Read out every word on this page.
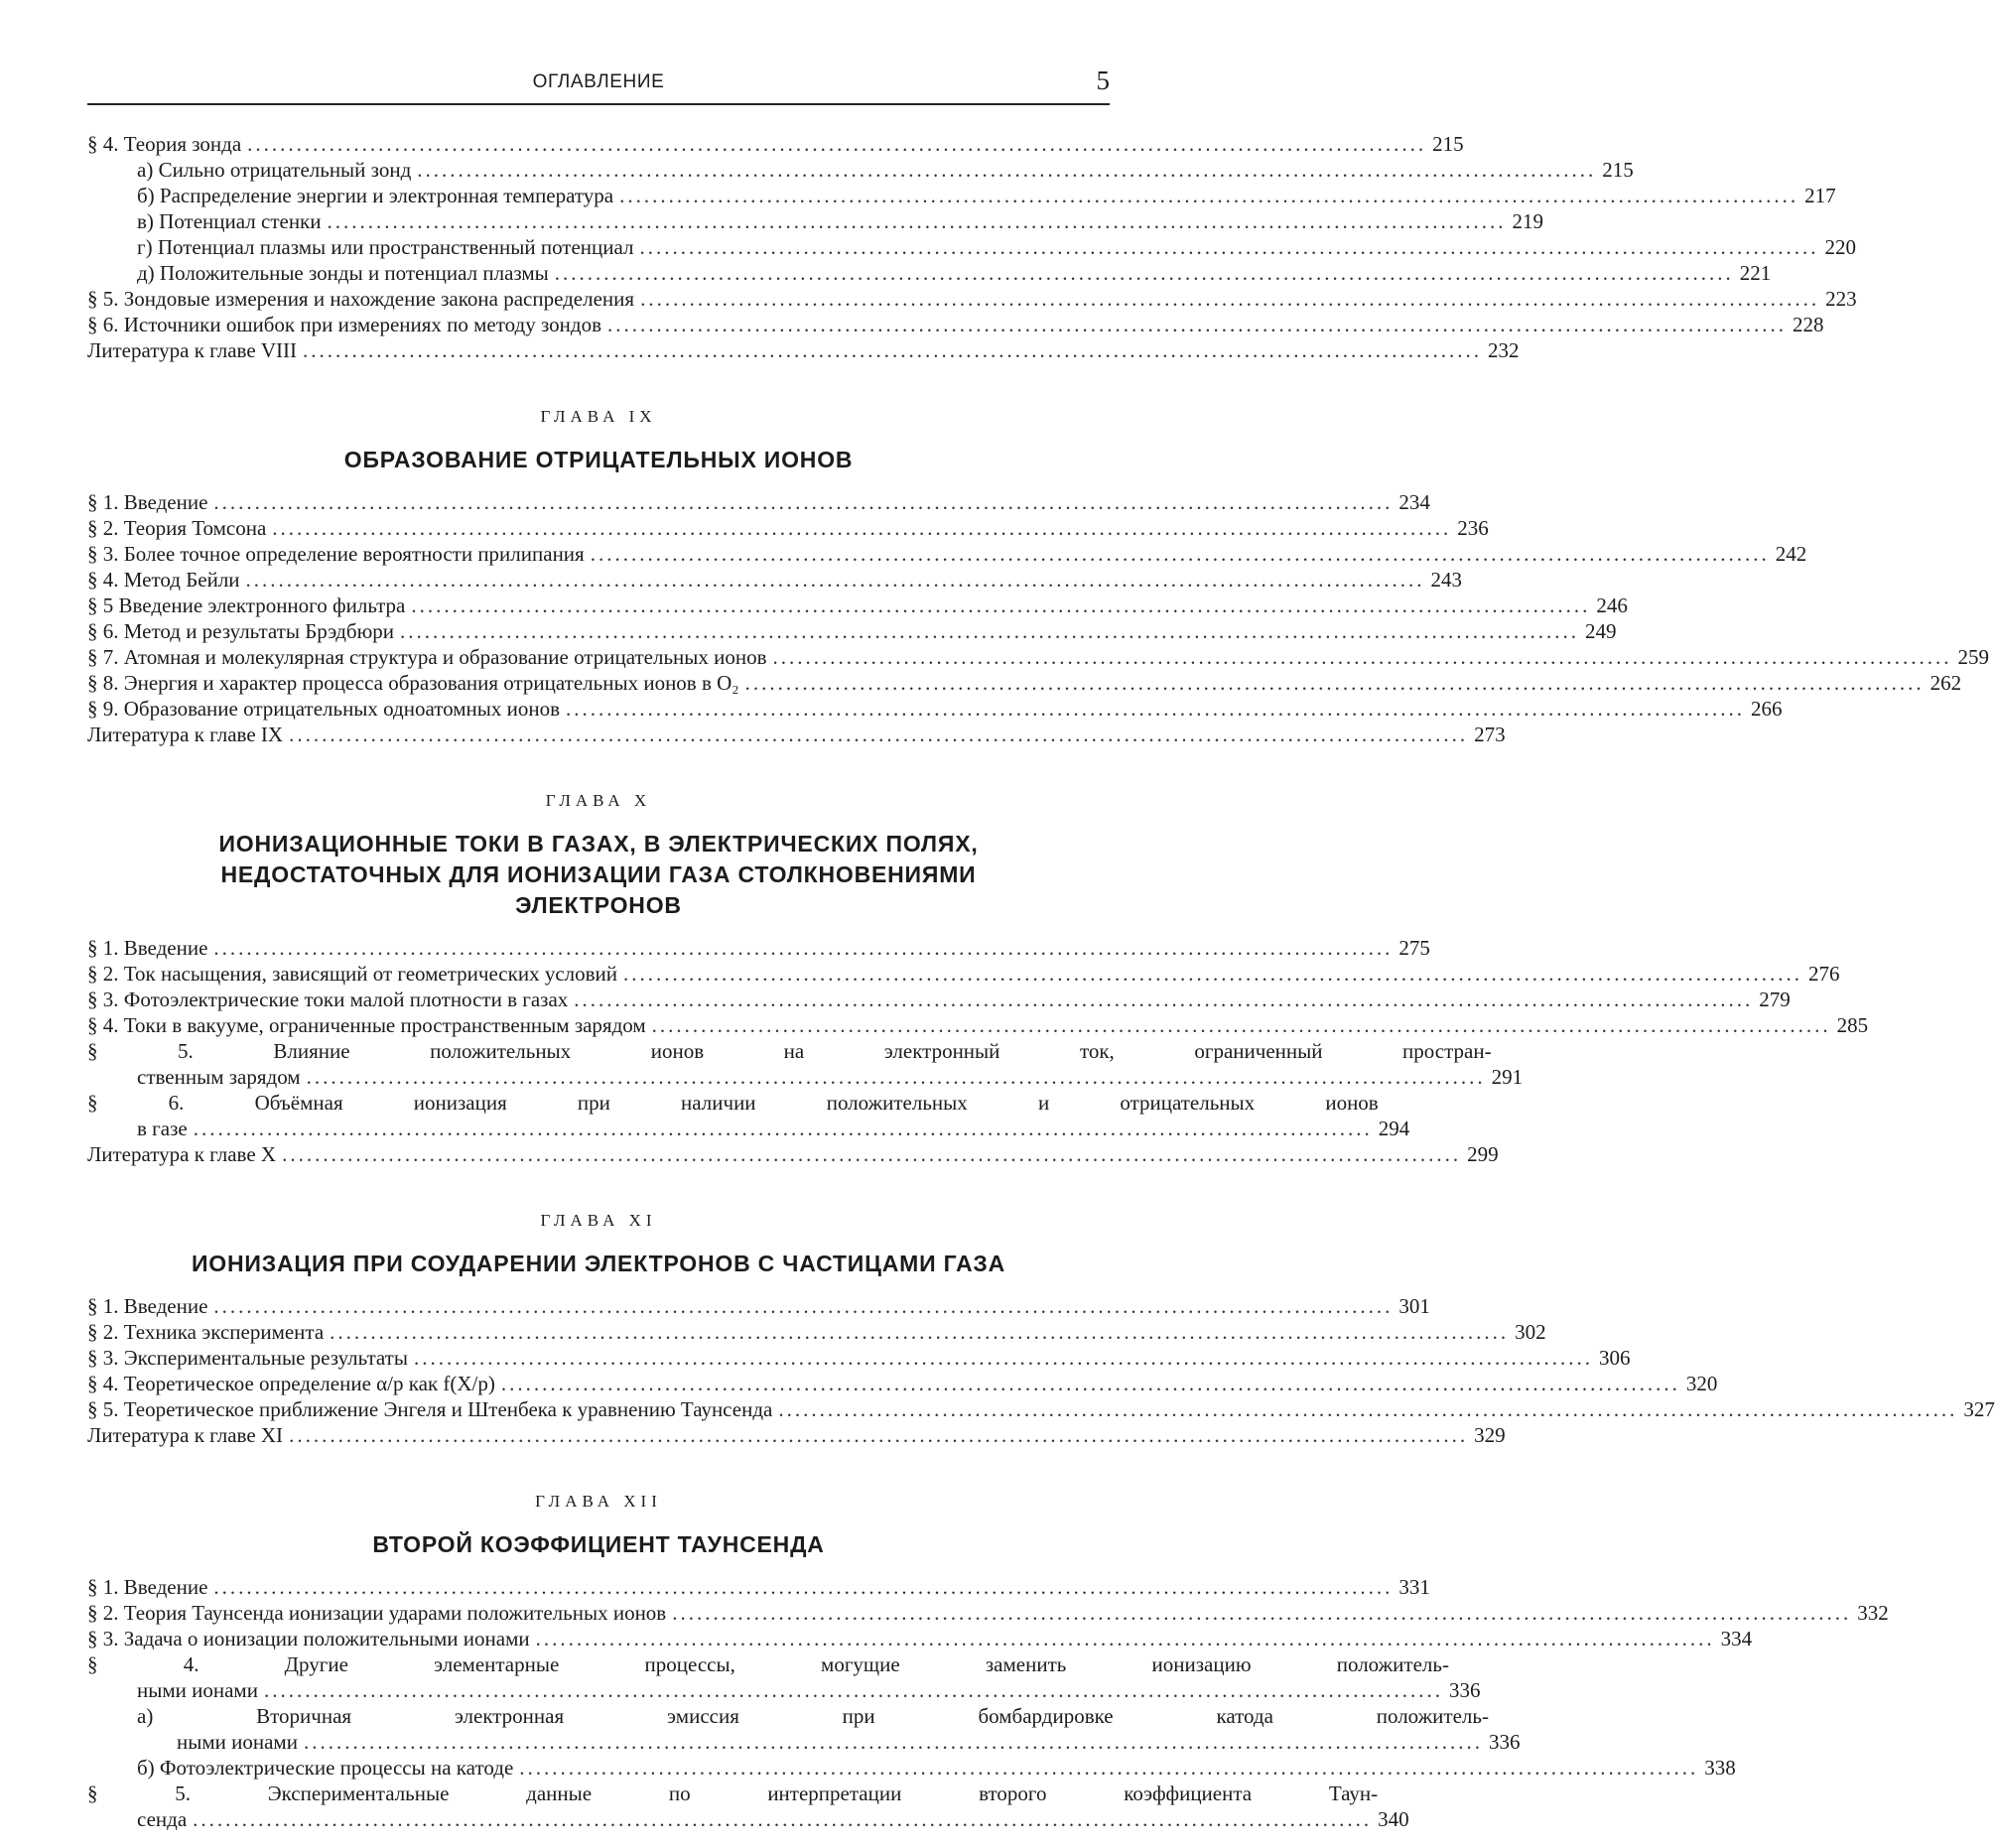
ОГЛАВЛЕНИЕ	5
§ 4. Теория зонда ................................................................................................................................................ 215
а) Сильно отрицательный зонд ................................................................................................................................................ 215
б) Распределение энергии и электронная температура ................................................................................................................................................ 217
в) Потенциал стенки ................................................................................................................................................ 219
г) Потенциал плазмы или пространственный потенциал ................................................................................................................................................ 220
д) Положительные зонды и потенциал плазмы ................................................................................................................................................ 221
§ 5. Зондовые измерения и нахождение закона распределения ................................................................................................................................................ 223
§ 6. Источники ошибок при измерениях по методу зондов ................................................................................................................................................ 228
Литература к главе VIII ................................................................................................................................................ 232
ГЛАВА IX
ОБРАЗОВАНИЕ ОТРИЦАТЕЛЬНЫХ ИОНОВ
§ 1. Введение ................................................................................................................................................ 234
§ 2. Теория Томсона ................................................................................................................................................ 236
§ 3. Более точное определение вероятности прилипания ................................................................................................................................................ 242
§ 4. Метод Бейли ................................................................................................................................................ 243
§ 5 Введение электронного фильтра ................................................................................................................................................ 246
§ 6. Метод и результаты Брэдбюри ................................................................................................................................................ 249
§ 7. Атомная и молекулярная структура и образование отрицательных ионов ................................................................................................................................................ 259
§ 8. Энергия и характер процесса образования отрицательных ионов в O₂ ................................................................................................................................................ 262
§ 9. Образование отрицательных одноатомных ионов ................................................................................................................................................ 266
Литература к главе IX ................................................................................................................................................ 273
ГЛАВА X
ИОНИЗАЦИОННЫЕ ТОКИ В ГАЗАХ, В ЭЛЕКТРИЧЕСКИХ ПОЛЯХ,
НЕДОСТАТОЧНЫХ ДЛЯ ИОНИЗАЦИИ ГАЗА СТОЛКНОВЕНИЯМИ
ЭЛЕКТРОНОВ
§ 1. Введение ................................................................................................................................................ 275
§ 2. Ток насыщения, зависящий от геометрических условий ................................................................................................................................................ 276
§ 3. Фотоэлектрические токи малой плотности в газах ................................................................................................................................................ 279
§ 4. Токи в вакууме, ограниченные пространственным зарядом ................................................................................................................................................ 285
§ 5. Влияние положительных ионов на электронный ток, ограниченный простран-
ственным зарядом ................................................................................................................................................ 291
§ 6. Объёмная ионизация при наличии положительных и отрицательных ионов
в газе ................................................................................................................................................ 294
Литература к главе X ................................................................................................................................................ 299
ГЛАВА XI
ИОНИЗАЦИЯ ПРИ СОУДАРЕНИИ ЭЛЕКТРОНОВ С ЧАСТИЦАМИ ГАЗА
§ 1. Введение ................................................................................................................................................ 301
§ 2. Техника эксперимента ................................................................................................................................................ 302
§ 3. Экспериментальные результаты ................................................................................................................................................ 306
§ 4. Теоретическое определение α/p как f(X/p) ................................................................................................................................................ 320
§ 5. Теоретическое приближение Энгеля и Штенбека к уравнению Таунсенда ................................................................................................................................................ 327
Литература к главе XI ................................................................................................................................................ 329
ГЛАВА XII
ВТОРОЙ КОЭФФИЦИЕНТ ТАУНСЕНДА
§ 1. Введение ................................................................................................................................................ 331
§ 2. Теория Таунсенда ионизации ударами положительных ионов ................................................................................................................................................ 332
§ 3. Задача о ионизации положительными ионами ................................................................................................................................................ 334
§ 4. Другие элементарные процессы, могущие заменить ионизацию положитель-
ными ионами ................................................................................................................................................ 336
а) Вторичная электронная эмиссия при бомбардировке катода положитель-
ными ионами ................................................................................................................................................ 336
б) Фотоэлектрические процессы на катоде ................................................................................................................................................ 338
§ 5. Экспериментальные данные по интерпретации второго коэффициента Таун-
сенда ................................................................................................................................................ 340
